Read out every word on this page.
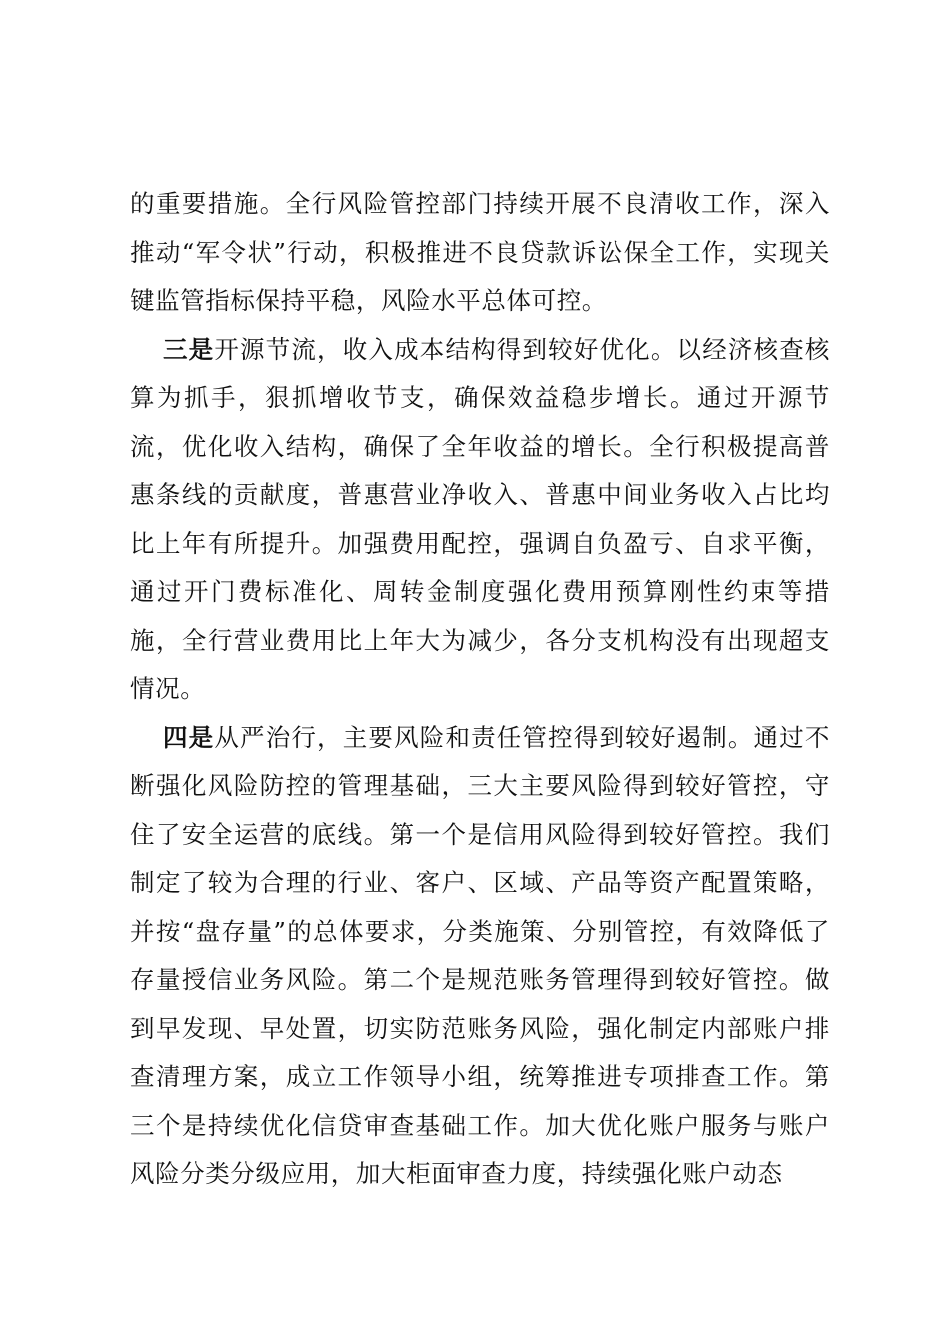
的重要措施。全行风险管控部门持续开展不良清收工作，深入推动“军令状”行动，积极推进不良贷款诉讼保全工作，实现关键监管指标保持平稳，风险水平总体可控。

三是开源节流，收入成本结构得到较好优化。以经济核查核算为抓手，狠抓增收节支，确保效益稳步增长。通过开源节流，优化收入结构，确保了全年收益的增长。全行积极提高普惠条线的贡献度，普惠营业净收入、普惠中间业务收入占比均比上年有所提升。加强费用配控，强调自负盈亏、自求平衡，通过开门费标准化、周转金制度强化费用预算刚性约束等措施，全行营业费用比上年大为减少，各分支机构没有出现超支情况。

四是从严治行，主要风险和责任管控得到较好遏制。通过不断强化风险防控的管理基础，三大主要风险得到较好管控，守住了安全运营的底线。第一个是信用风险得到较好管控。我们制定了较为合理的行业、客户、区域、产品等资产配置策略，并按“盘存量”的总体要求，分类施策、分别管控，有效降低了存量授信业务风险。第二个是规范账务管理得到较好管控。做到早发现、早处置，切实防范账务风险，强化制定内部账户排查清理方案，成立工作领导小组，统筹推进专项排查工作。第三个是持续优化信贷审查基础工作。加大优化账户服务与账户风险分类分级应用，加大柜面审查力度，持续强化账户动态
